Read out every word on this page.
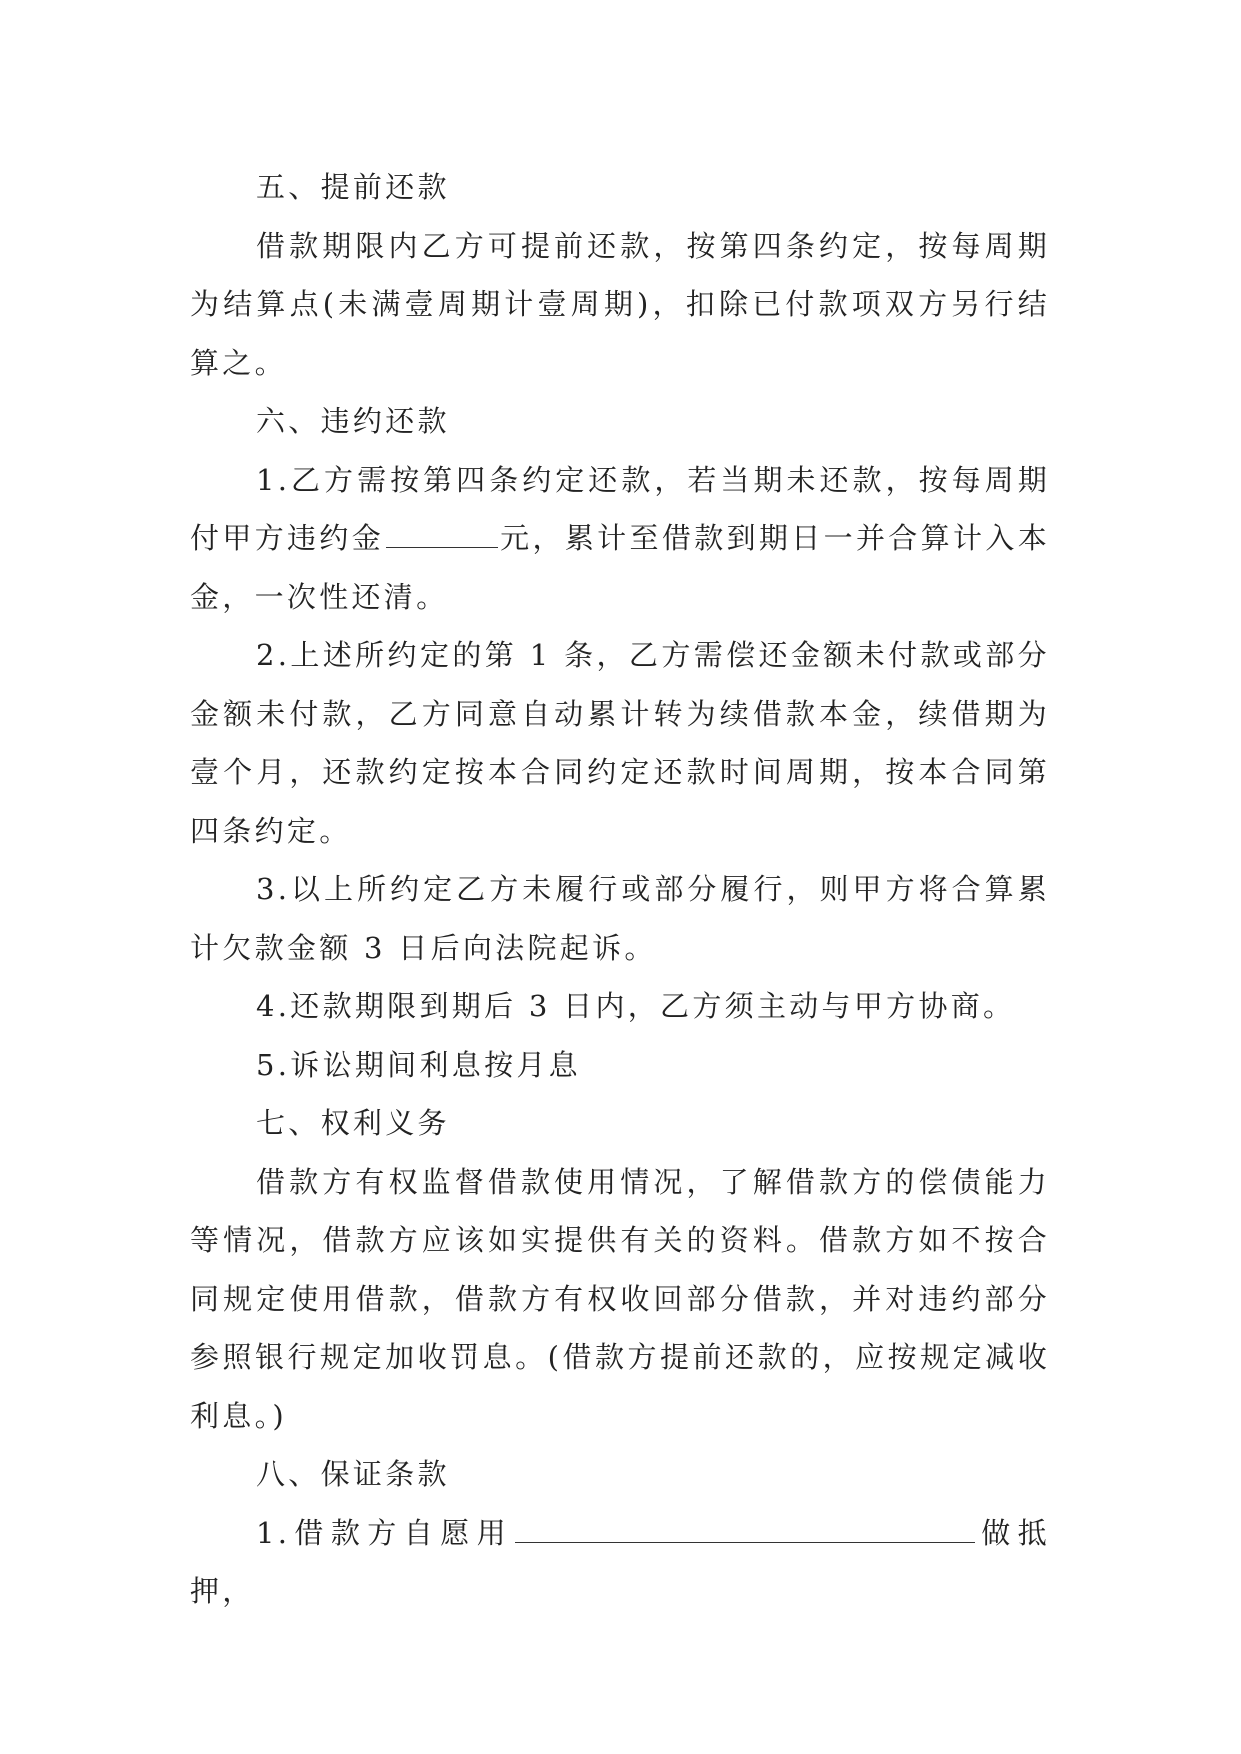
五、提前还款

借款期限内乙方可提前还款，按第四条约定，按每周期为结算点(未满壹周期计壹周期)，扣除已付款项双方另行结算之。

六、违约还款

1.乙方需按第四条约定还款，若当期未还款，按每周期付甲方违约金	元，累计至借款到期日一并合算计入本金，一次性还清。

2.上述所约定的第 1 条，乙方需偿还金额未付款或部分金额未付款，乙方同意自动累计转为续借款本金，续借期为壹个月，还款约定按本合同约定还款时间周期，按本合同第四条约定。

3.以上所约定乙方未履行或部分履行，则甲方将合算累计欠款金额 3 日后向法院起诉。

4.还款期限到期后 3 日内，乙方须主动与甲方协商。

5.诉讼期间利息按月息

七、权利义务

借款方有权监督借款使用情况，了解借款方的偿债能力等情况，借款方应该如实提供有关的资料。借款方如不按合同规定使用借款，借款方有权收回部分借款，并对违约部分参照银行规定加收罚息。(借款方提前还款的，应按规定减收利息。)

八、保证条款

1.借款方自愿用	做抵押，
